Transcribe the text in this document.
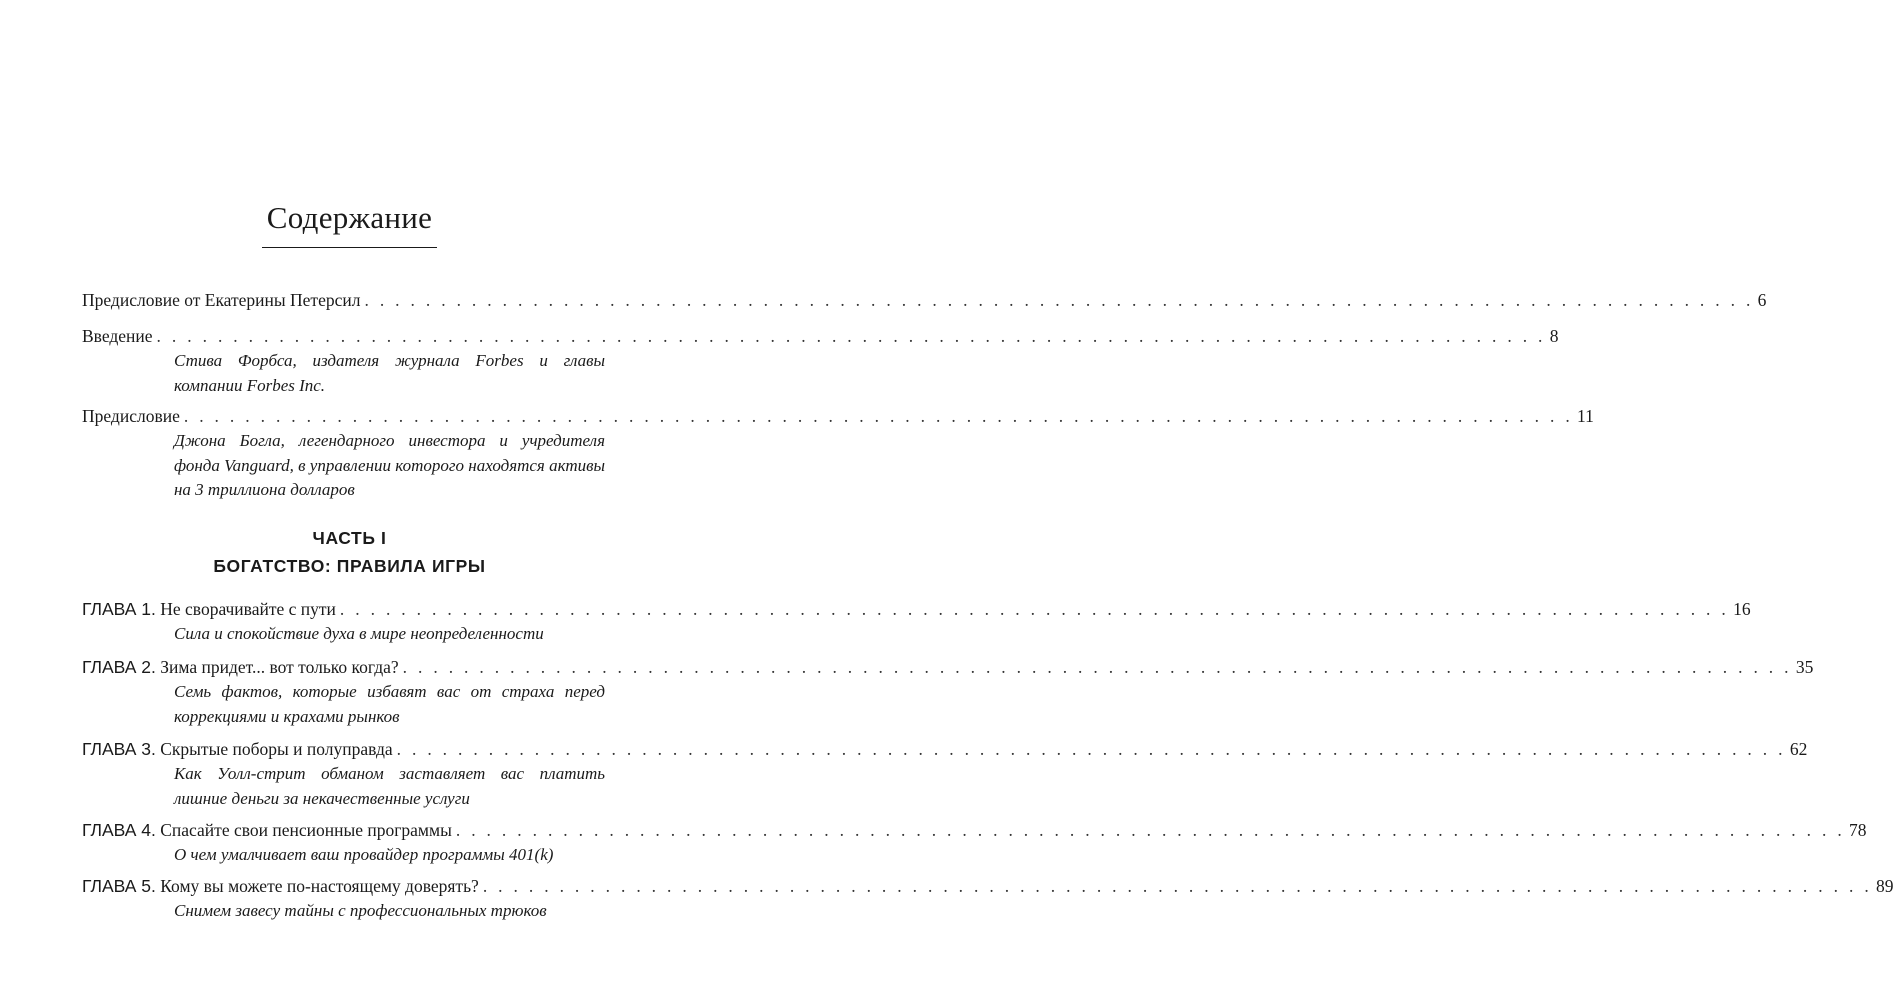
Содержание
Предисловие от Екатерины Петерсил . . . . . . . . . . . . . . . . . . . . . . . . . . . . . . . . . . . . . . . . . . . . . . . . . . . . . . . . . . . . . . . . . . . . . . . . . . . . . . . . . . . . . . . . . . . 6
Введение . . . . . . . . . . . . . . . . . . . . . . . . . . . . . . . . . . . . . . . . . . . . . . . . . . . . . . . . . . . . . . . . . . . . . . . . . . . . . . . . . . . . . . . . . . . 8
Стива Форбса, издателя журнала Forbes и главы компании Forbes Inc.
Предисловие . . . . . . . . . . . . . . . . . . . . . . . . . . . . . . . . . . . . . . . . . . . . . . . . . . . . . . . . . . . . . . . . . . . . . . . . . . . . . . . . . . . . . . . . . . . 11
Джона Богла, легендарного инвестора и учредителя фонда Vanguard, в управлении которого находятся активы на 3 триллиона долларов
ЧАСТЬ I
БОГАТСТВО: ПРАВИЛА ИГРЫ
ГЛАВА 1. Не сворачивайте с пути . . . . . . . . . . . . . . . . . . . . . . . . . . . . . . . . . . . . . . . . . . . . . . . . . . . . . . . . . . . . . . . . . . . . . . . . . . . . . . . . . . . . . . . . . . . 16
Сила и спокойствие духа в мире неопределенности
ГЛАВА 2. Зима придет... вот только когда? . . . . . . . . . . . . . . . . . . . . . . . . . . . . . . . . . . . . . . . . . . . . . . . . . . . . . . . . . . . . . . . . . . . . . . . . . . . . . . . . . . . . . . . . . . . 35
Семь фактов, которые избавят вас от страха перед коррекциями и крахами рынков
ГЛАВА 3. Скрытые поборы и полуправда . . . . . . . . . . . . . . . . . . . . . . . . . . . . . . . . . . . . . . . . . . . . . . . . . . . . . . . . . . . . . . . . . . . . . . . . . . . . . . . . . . . . . . . . . . . 62
Как Уолл-стрит обманом заставляет вас платить лишние деньги за некачественные услуги
ГЛАВА 4. Спасайте свои пенсионные программы . . . . . . . . . . . . . . . . . . . . . . . . . . . . . . . . . . . . . . . . . . . . . . . . . . . . . . . . . . . . . . . . . . . . . . . . . . . . . . . . . . . . . . . . . . . 78
О чем умалчивает ваш провайдер программы 401(k)
ГЛАВА 5. Кому вы можете по-настоящему доверять? . . . . . . . . . . . . . . . . . . . . . . . . . . . . . . . . . . . . . . . . . . . . . . . . . . . . . . . . . . . . . . . . . . . . . . . . . . . . . . . . . . . . . . . . . . . 89
Снимем завесу тайны с профессиональных трюков
